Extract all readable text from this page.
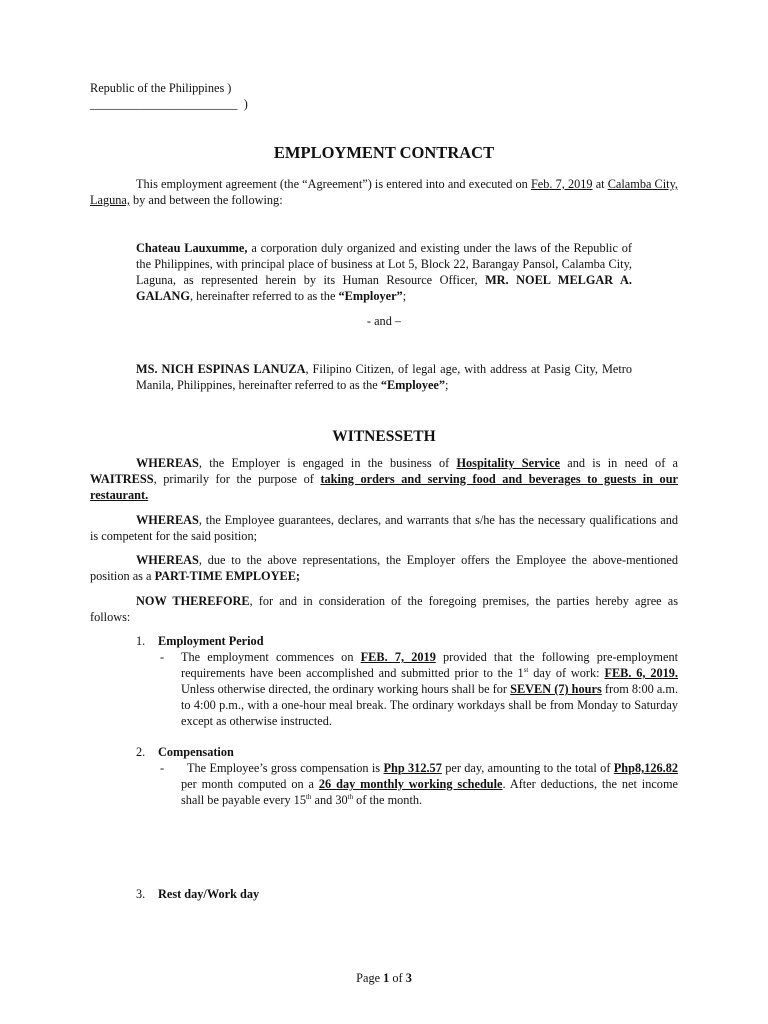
Republic of the Philippines )
________________________ )
EMPLOYMENT CONTRACT

This employment agreement (the “Agreement”) is entered into and executed on Feb. 7, 2019 at Calamba City, Laguna, by and between the following:

Chateau Lauxumme, a corporation duly organized and existing under the laws of the Republic of the Philippines, with principal place of business at Lot 5, Block 22, Barangay Pansol, Calamba City, Laguna, as represented herein by its Human Resource Officer, MR. NOEL MELGAR A. GALANG, hereinafter referred to as the “Employer”;

- and –

MS. NICH ESPINAS LANUZA, Filipino Citizen, of legal age, with address at Pasig City, Metro Manila, Philippines, hereinafter referred to as the “Employee”;

WITNESSETH

WHEREAS, the Employer is engaged in the business of Hospitality Service and is in need of a WAITRESS, primarily for the purpose of taking orders and serving food and beverages to guests in our restaurant.

WHEREAS, the Employee guarantees, declares, and warrants that s/he has the necessary qualifications and is competent for the said position;

WHEREAS, due to the above representations, the Employer offers the Employee the above-mentioned position as a PART-TIME EMPLOYEE;

NOW THEREFORE, for and in consideration of the foregoing premises, the parties hereby agree as follows:

1. Employment Period
- The employment commences on FEB. 7, 2019 provided that the following pre-employment requirements have been accomplished and submitted prior to the 1st day of work: FEB. 6, 2019. Unless otherwise directed, the ordinary working hours shall be for SEVEN (7) hours from 8:00 a.m. to 4:00 p.m., with a one-hour meal break. The ordinary workdays shall be from Monday to Saturday except as otherwise instructed.

2. Compensation
-	The Employee’s gross compensation is Php 312.57 per day, amounting to the total of Php8,126.82 per month computed on a 26 day monthly working schedule. After deductions, the net income shall be payable every 15th and 30th of the month.

3. Rest day/Work day
Page 1 of 3
